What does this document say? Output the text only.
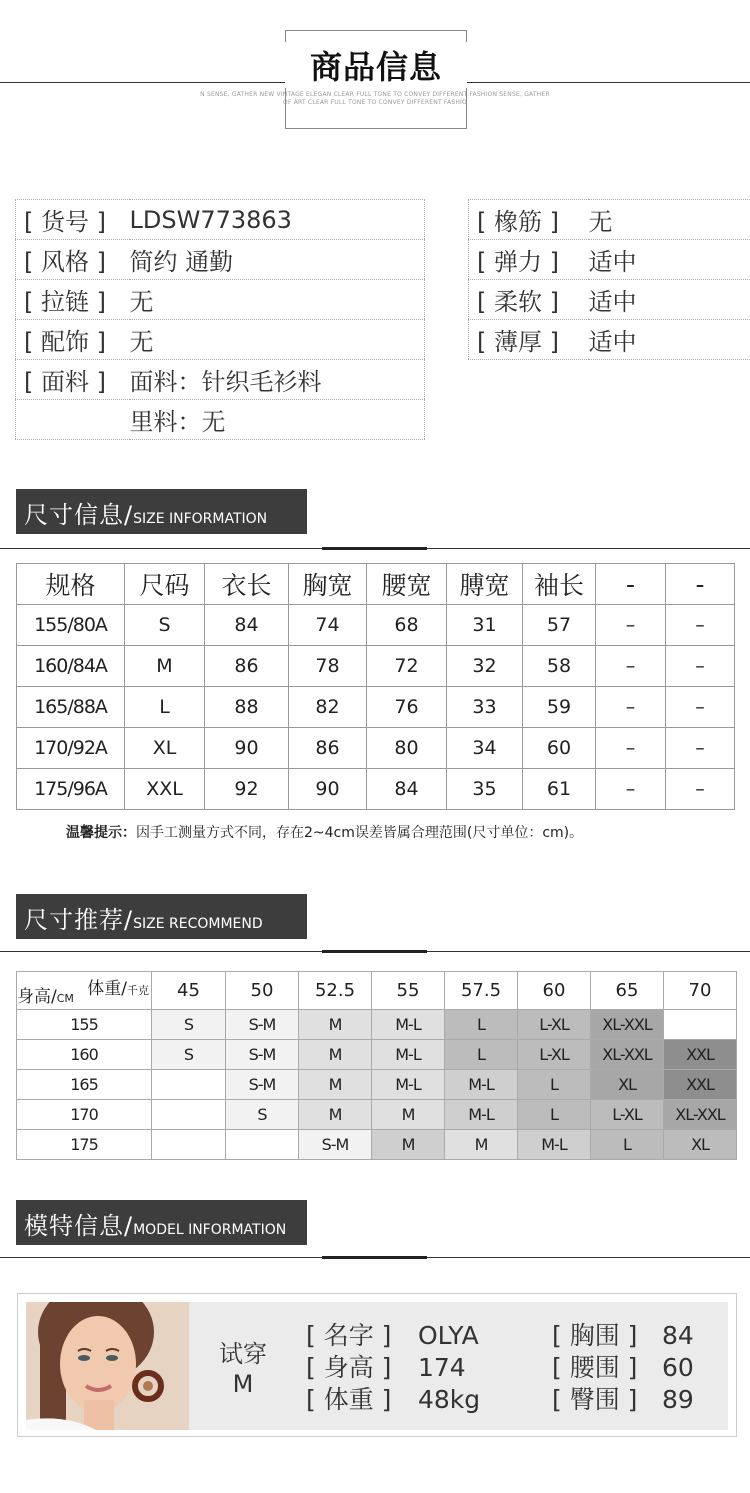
商品信息
N SENSE, GATHER NEW VINTAGE ELEGAN CLEAR FULL TONE TO CONVEY DIFFERENT FASHION SENSE, GATHER
OF ART CLEAR FULL TONE TO CONVEY DIFFERENT FASHIO
[ 货号 ]	LDSW773863
[ 风格 ]	简约 通勤
[ 拉链 ]	无
[ 配饰 ]	无
[ 面料 ]	面料：针织毛衫料
	里料：无
[ 橡筋 ]	无
[ 弹力 ]	适中
[ 柔软 ]	适中
[ 薄厚 ]	适中
尺寸信息/SIZE INFORMATION
规格	尺码	衣长	胸宽	腰宽	膊宽	袖长	-	-
155/80A	S	84	74	68	31	57	–	–
160/84A	M	86	78	72	32	58	–	–
165/88A	L	88	82	76	33	59	–	–
170/92A	XL	90	86	80	34	60	–	–
175/96A	XXL	92	90	84	35	61	–	–
温馨提示：因手工测量方式不同，存在2~4cm误差皆属合理范围(尺寸单位：cm)。
尺寸推荐/SIZE RECOMMEND
体重/千克
身高/CM	45	50	52.5	55	57.5	60	65	70
155	S	S-M	M	M-L	L	L-XL	XL-XXL	
160	S	S-M	M	M-L	L	L-XL	XL-XXL	XXL
165		S-M	M	M-L	M-L	L	XL	XXL
170		S	M	M	M-L	L	L-XL	XL-XXL
175			S-M	M	M	M-L	L	XL
模特信息/MODEL INFORMATION
试穿
M
[ 名字 ] OLYA
[ 身高 ] 174
[ 体重 ] 48kg
[ 胸围 ] 84
[ 腰围 ] 60
[ 臀围 ] 89
